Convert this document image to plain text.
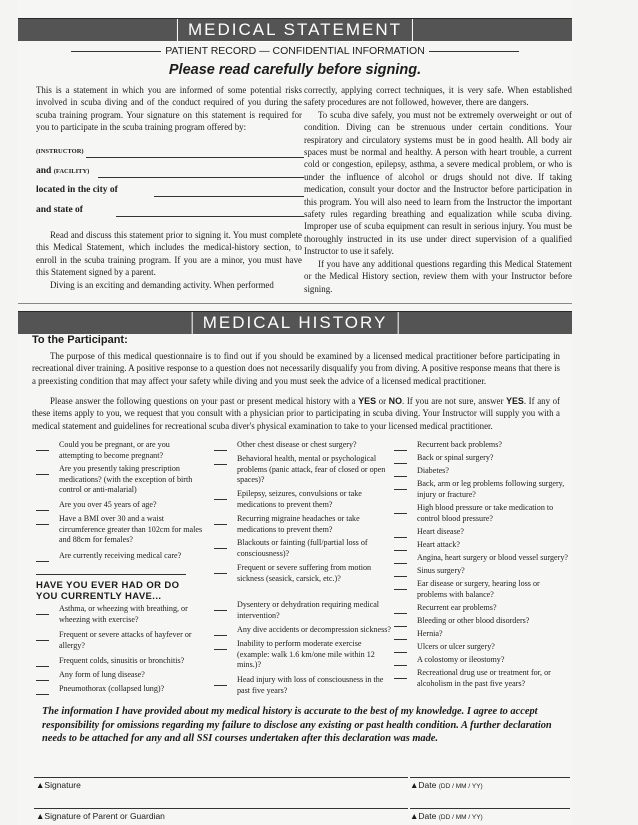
MEDICAL STATEMENT
PATIENT RECORD — CONFIDENTIAL INFORMATION
Please read carefully before signing.

This is a statement in which you are informed of some potential risks involved in scuba diving and of the conduct required of you during the scuba training program. Your signature on this statement is required for you to participate in the scuba training program offered by:

(INSTRUCTOR)
and (FACILITY)
located in the city of
and state of

Read and discuss this statement prior to signing it. You must complete this Medical Statement, which includes the medical-history section, to enroll in the scuba training program. If you are a minor, you must have this Statement signed by a parent.

Diving is an exciting and demanding activity. When performed

correctly, applying correct techniques, it is very safe. When established safety procedures are not followed, however, there are dangers.

To scuba dive safely, you must not be extremely overweight or out of condition. Diving can be strenuous under certain conditions. Your respiratory and circulatory systems must be in good health. All body air spaces must be normal and healthy. A person with heart trouble, a current cold or congestion, epilepsy, asthma, a severe medical problem, or who is under the influence of alcohol or drugs should not dive. If taking medication, consult your doctor and the Instructor before participation in this program. You will also need to learn from the Instructor the important safety rules regarding breathing and equalization while scuba diving. Improper use of scuba equipment can result in serious injury. You must be thoroughly instructed in its use under direct supervision of a qualified Instructor to use it safely.

If you have any additional questions regarding this Medical Statement or the Medical History section, review them with your Instructor before signing.

MEDICAL HISTORY
To the Participant:

The purpose of this medical questionnaire is to find out if you should be examined by a licensed medical practitioner before participating in recreational diver training. A positive response to a question does not necessarily disqualify you from diving. A positive response means that there is a preexisting condition that may affect your safety while diving and you must seek the advice of a licensed medical practitioner.

Please answer the following questions on your past or present medical history with a YES or NO. If you are not sure, answer YES. If any of these items apply to you, we request that you consult with a physician prior to participating in scuba diving. Your Instructor will supply you with a medical statement and guidelines for recreational scuba diver's physical examination to take to your licensed medical practitioner.

Could you be pregnant, or are you attempting to become pregnant?
Are you presently taking prescription medications? (with the exception of birth control or anti-malarial)
Are you over 45 years of age?
Have a BMI over 30 and a waist circumference greater than 102cm for males and 88cm for females?
Are currently receiving medical care?
HAVE YOU EVER HAD OR DO YOU CURRENTLY HAVE...
Asthma, or wheezing with breathing, or wheezing with exercise?
Frequent or severe attacks of hayfever or allergy?
Frequent colds, sinusitis or bronchitis?
Any form of lung disease?
Pneumothorax (collapsed lung)?
Other chest disease or chest surgery?
Behavioral health, mental or psychological problems (panic attack, fear of closed or open spaces)?
Epilepsy, seizures, convulsions or take medications to prevent them?
Recurring migraine headaches or take medications to prevent them?
Blackouts or fainting (full/partial loss of consciousness)?
Frequent or severe suffering from motion sickness (seasick, carsick, etc.)?
Dysentery or dehydration requiring medical intervention?
Any dive accidents or decompression sickness?
Inability to perform moderate exercise (example: walk 1.6 km/one mile within 12 mins.)?
Head injury with loss of consciousness in the past five years?
Recurrent back problems?
Back or spinal surgery?
Diabetes?
Back, arm or leg problems following surgery, injury or fracture?
High blood pressure or take medication to control blood pressure?
Heart disease?
Heart attack?
Angina, heart surgery or blood vessel surgery?
Sinus surgery?
Ear disease or surgery, hearing loss or problems with balance?
Recurrent ear problems?
Bleeding or other blood disorders?
Hernia?
Ulcers or ulcer surgery?
A colostomy or ileostomy?
Recreational drug use or treatment for, or alcoholism in the past five years?
The information I have provided about my medical history is accurate to the best of my knowledge. I agree to accept responsibility for omissions regarding my failure to disclose any existing or past health condition. A further declaration needs to be attached for any and all SSI courses undertaken after this declaration was made.
▲Signature	▲Date (DD / MM / YY)
▲Signature of Parent or Guardian	▲Date (DD / MM / YY)
